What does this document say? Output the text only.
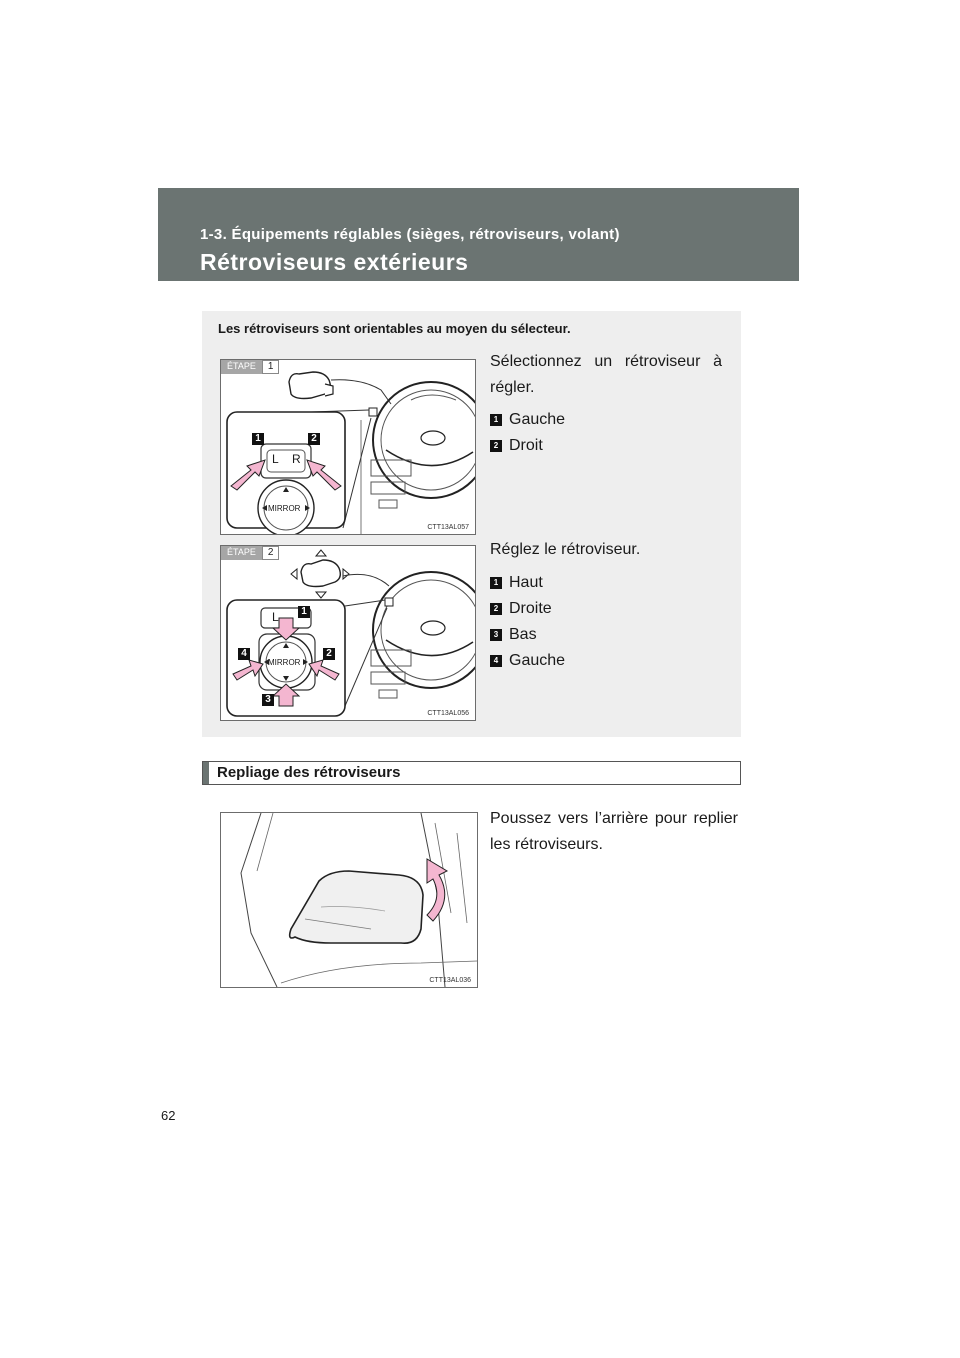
1-3. Équipements réglables (sièges, rétroviseurs, volant)
Rétroviseurs extérieurs
Les rétroviseurs sont orientables au moyen du sélecteur.
ÉTAPE	1
1	2
L R
MIRROR
CTT13AL057
Sélectionnez un rétroviseur à régler.
1 Gauche
2 Droit
ÉTAPE	2
1
2
3
4
L
MIRROR
CTT13AL056
Réglez le rétroviseur.
1 Haut
2 Droite
3 Bas
4 Gauche
Repliage des rétroviseurs
CTT13AL036
Poussez vers l’arrière pour replier les rétroviseurs.
62
